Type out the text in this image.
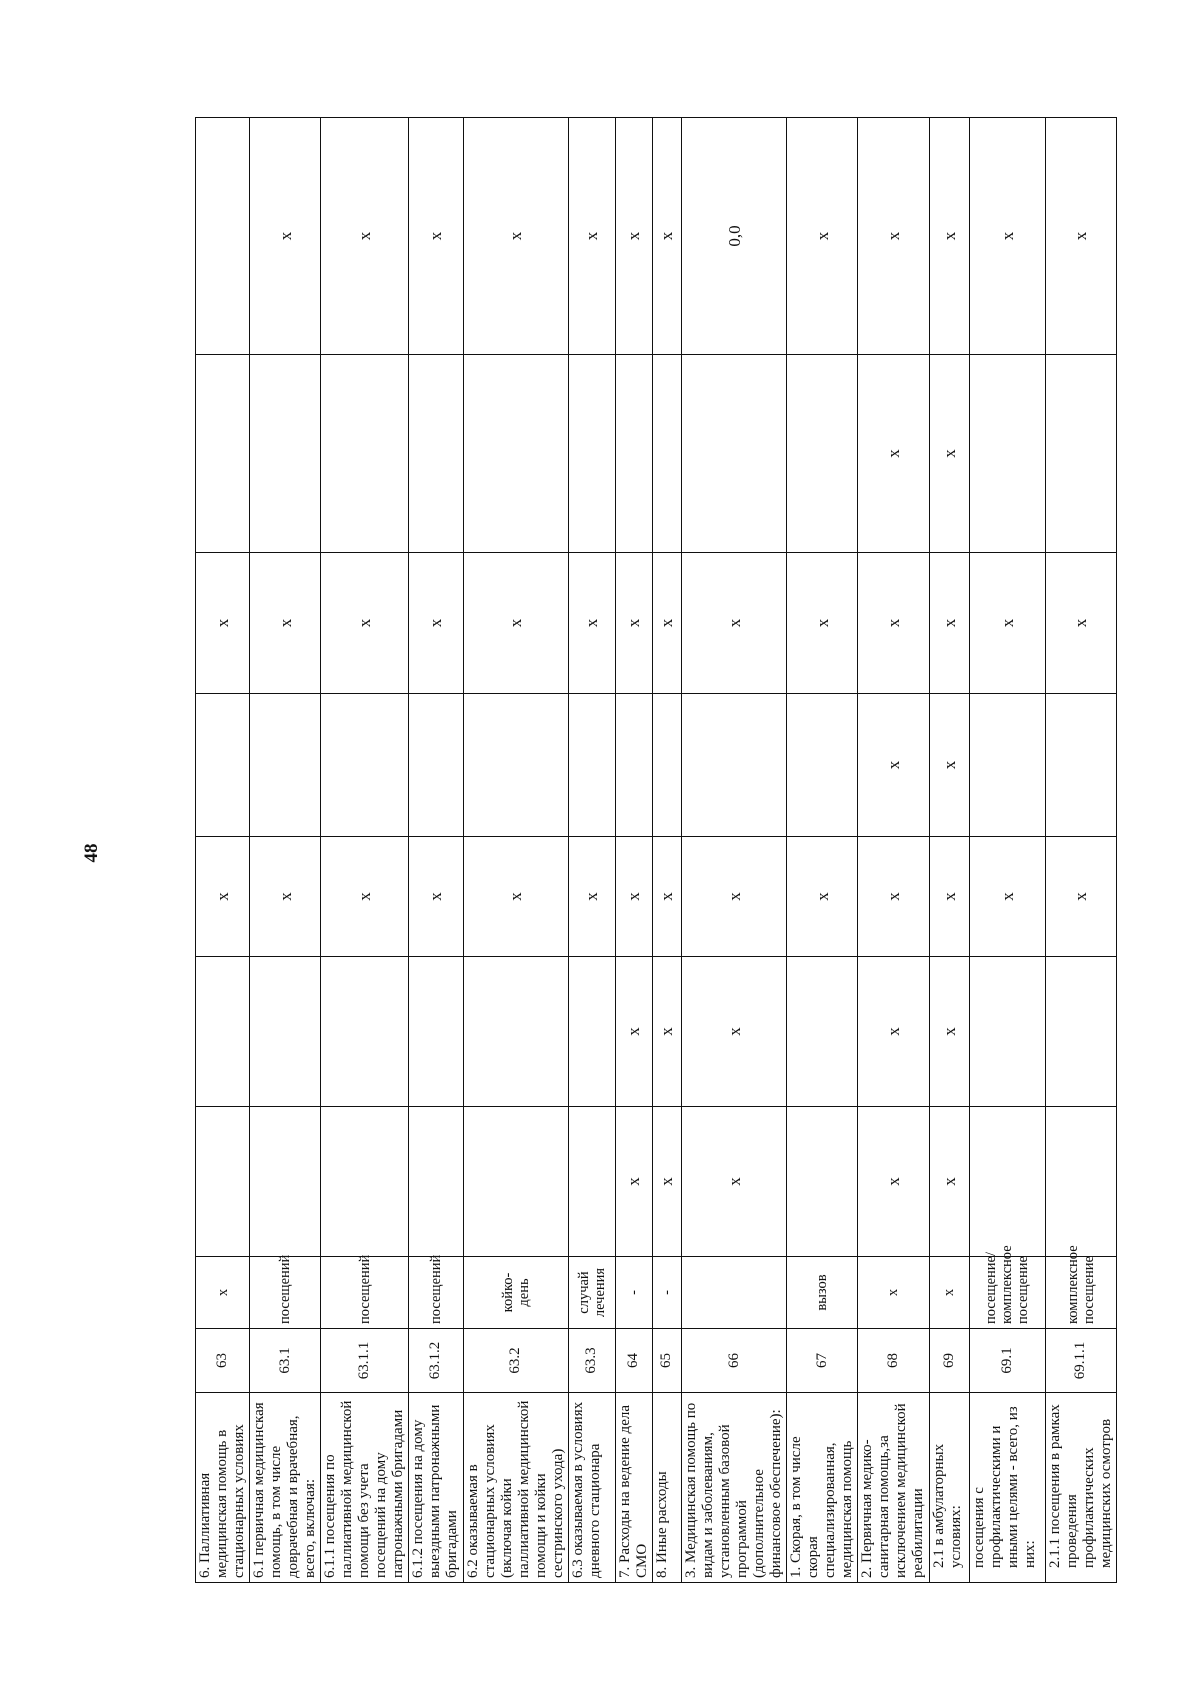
48
6. Паллиативная медицинская помощь в стационарных условиях	63	x			x		x		
6.1 первичная медицинская помощь, в том числе доврачебная и врачебная, всего, включая:	63.1	посещений			x		x		x
6.1.1 посещения по паллиативной медицинской помощи без учета посещений на дому патронажными бригадами	63.1.1	посещений			x		x		x
6.1.2 посещения на дому выездными патронажными бригадами	63.1.2	посещений			x		x		x
6.2 оказываемая в стационарных условиях (включая койки паллиативной медицинской помощи и койки сестринского ухода)	63.2	койко-день			x		x		x
6.3 оказываемая в условиях дневного стационара	63.3	случай лечения			x		x		x
7. Расходы на ведение дела СМО	64	-	x	x	x		x		x
8. Иные расходы	65	-	x	x	x		x		x
3. Медицинская помощь по видам и заболеваниям, установленным базовой программой (дополнительное финансовое обеспечение):	66		x	x	x		x		0,0
1. Скорая, в том числе скорая специализированная, медицинская помощь	67	вызов			x		x		x
2. Первичная медико-санитарная помощь,за исключением медицинской реабилитации	68	x	x	x	x	x	x	x	x
2.1 в амбулаторных условиях:	69	x	x	x	x	x	x	x	x
посещения с профилактическими и иными целями - всего, из них:	69.1	посещение/ комплексное посещение			x		x		x
2.1.1 посещения в рамках проведения профилактических медицинских осмотров	69.1.1	комплексное посещение			x		x		x
